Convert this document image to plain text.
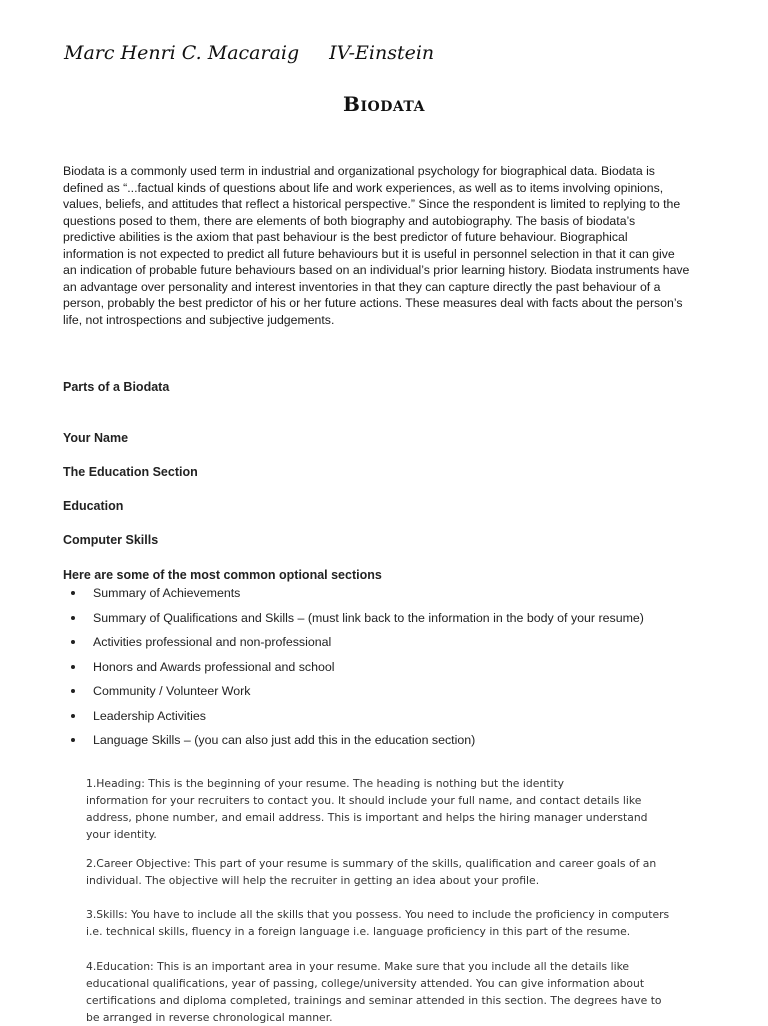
Marc Henri C. Macaraig IV-Einstein
Biodata

Biodata is a commonly used term in industrial and organizational psychology for biographical data. Biodata is
defined as “...factual kinds of questions about life and work experiences, as well as to items involving opinions,
values, beliefs, and attitudes that reflect a historical perspective.” Since the respondent is limited to replying to the
questions posed to them, there are elements of both biography and autobiography. The basis of biodata’s
predictive abilities is the axiom that past behaviour is the best predictor of future behaviour. Biographical
information is not expected to predict all future behaviours but it is useful in personnel selection in that it can give
an indication of probable future behaviours based on an individual’s prior learning history. Biodata instruments have
an advantage over personality and interest inventories in that they can capture directly the past behaviour of a
person, probably the best predictor of his or her future actions. These measures deal with facts about the person’s
life, not introspections and subjective judgements.

Parts of a Biodata
Your Name
The Education Section
Education
Computer Skills
Here are some of the most common optional sections
Summary of Achievements
Summary of Qualifications and Skills – (must link back to the information in the body of your resume)
Activities professional and non-professional
Honors and Awards professional and school
Community / Volunteer Work
Leadership Activities
Language Skills – (you can also just add this in the education section)

1.Heading: This is the beginning of your resume. The heading is nothing but the identity
information for your recruiters to contact you. It should include your full name, and contact details like
address, phone number, and email address. This is important and helps the hiring manager understand
your identity.

2.Career Objective: This part of your resume is summary of the skills, qualification and career goals of an
individual. The objective will help the recruiter in getting an idea about your profile.

3.Skills: You have to include all the skills that you possess. You need to include the proficiency in computers
i.e. technical skills, fluency in a foreign language i.e. language proficiency in this part of the resume.

4.Education: This is an important area in your resume. Make sure that you include all the details like
educational qualifications, year of passing, college/university attended. You can give information about
certifications and diploma completed, trainings and seminar attended in this section. The degrees have to
be arranged in reverse chronological manner.
